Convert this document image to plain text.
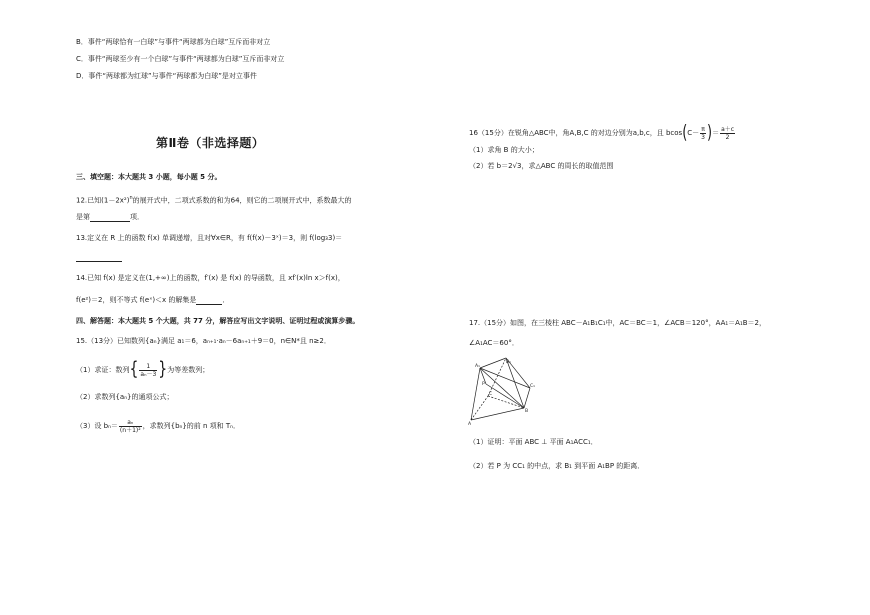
B．事件“两球恰有一白球”与事件“两球都为白球”互斥而非对立
C．事件“两球至少有一个白球”与事件“两球都为白球”互斥而非对立
D．事件“两球都为红球”与事件“两球都为白球”是对立事件
第Ⅱ卷（非选择题）
三、填空题：本大题共 3 小题，每小题 5 分。
12.已知$(1-2x^2)^n$的展开式中，二项式系数的和为64，则它的二项展开式中，系数最大的
是第	项．
13.定义在 R 上的函数 f(x) 单调递增，且对∀x∈R，有 f(f(x)－3ˣ)＝3，则 f(log₃3)＝
14.已知 f(x) 是定义在(1,+∞)上的函数，f′(x) 是 f(x) 的导函数，且 xf′(x)ln x＞f(x)，
f(e²)＝2，则不等式 f(eˣ)＜x 的解集是	．
四、解答题：本大题共 5 个大题，共 77 分，解答应写出文字说明、证明过程或演算步骤。
15.（13分）已知数列{aₙ}满足 a₁＝6，aₙ₊₁·aₙ－6aₙ₊₁＋9＝0，n∈N*且 n≥2．
（1）求证：数列{ $\frac{1}{\text{aₙ－3}}$ }为等差数列；
（2）求数列{aₙ}的通项公式；
（3）设 $b_n= \frac{\text{aₙ}}{\text{(n＋1)²}}$ ，求数列{bₙ}的前 n 项和 Tₙ．
16（15分）在锐角△ABC中，角A,B,C 的对边分别为a,b,c，且 $bcos(C- \frac{\pi}{3}$ )＝ $\frac{a+c}{2}$
（1）求角 B 的大小；
（2）若 b＝2√3，求△ABC 的周长的取值范围
17.（15分）如图，在三棱柱 ABC－A₁B₁C₁中，AC＝BC＝1，∠ACB＝120°，AA₁＝A₁B＝2，
∠A₁AC＝60°．
A₁
B₁
C₁
P
C
A
B
（1）证明：平面 ABC ⊥ 平面 A₁ACC₁．
（2）若 P 为 CC₁ 的中点，求 B₁ 到平面 A₁BP 的距离．
